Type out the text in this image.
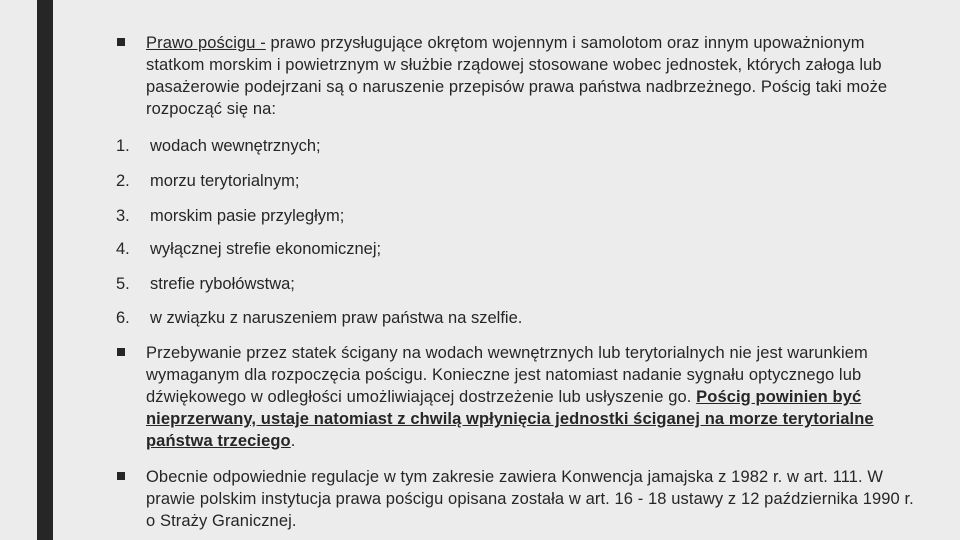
Prawo pościgu - prawo przysługujące okrętom wojennym i samolotom oraz innym upoważnionym statkom morskim i powietrznym w służbie rządowej stosowane wobec jednostek, których załoga lub pasażerowie podejrzani są o naruszenie przepisów prawa państwa nadbrzeżnego. Pościg taki może rozpocząć się na:
1. wodach wewnętrznych;
2. morzu terytorialnym;
3. morskim pasie przyległym;
4. wyłącznej strefie ekonomicznej;
5. strefie rybołówstwa;
6. w związku z naruszeniem praw państwa na szelfie.
Przebywanie przez statek ścigany na wodach wewnętrznych lub terytorialnych nie jest warunkiem wymaganym dla rozpoczęcia pościgu. Konieczne jest natomiast nadanie sygnału optycznego lub dźwiękowego w odległości umożliwiającej dostrzeżenie lub usłyszenie go. Pościg powinien być nieprzerwany, ustaje natomiast z chwilą wpłynięcia jednostki ściganej na morze terytorialne państwa trzeciego.
Obecnie odpowiednie regulacje w tym zakresie zawiera Konwencja jamajska z 1982 r. w art. 111. W prawie polskim instytucja prawa pościgu opisana została w art. 16 - 18 ustawy z 12 października 1990 r. o Straży Granicznej.
